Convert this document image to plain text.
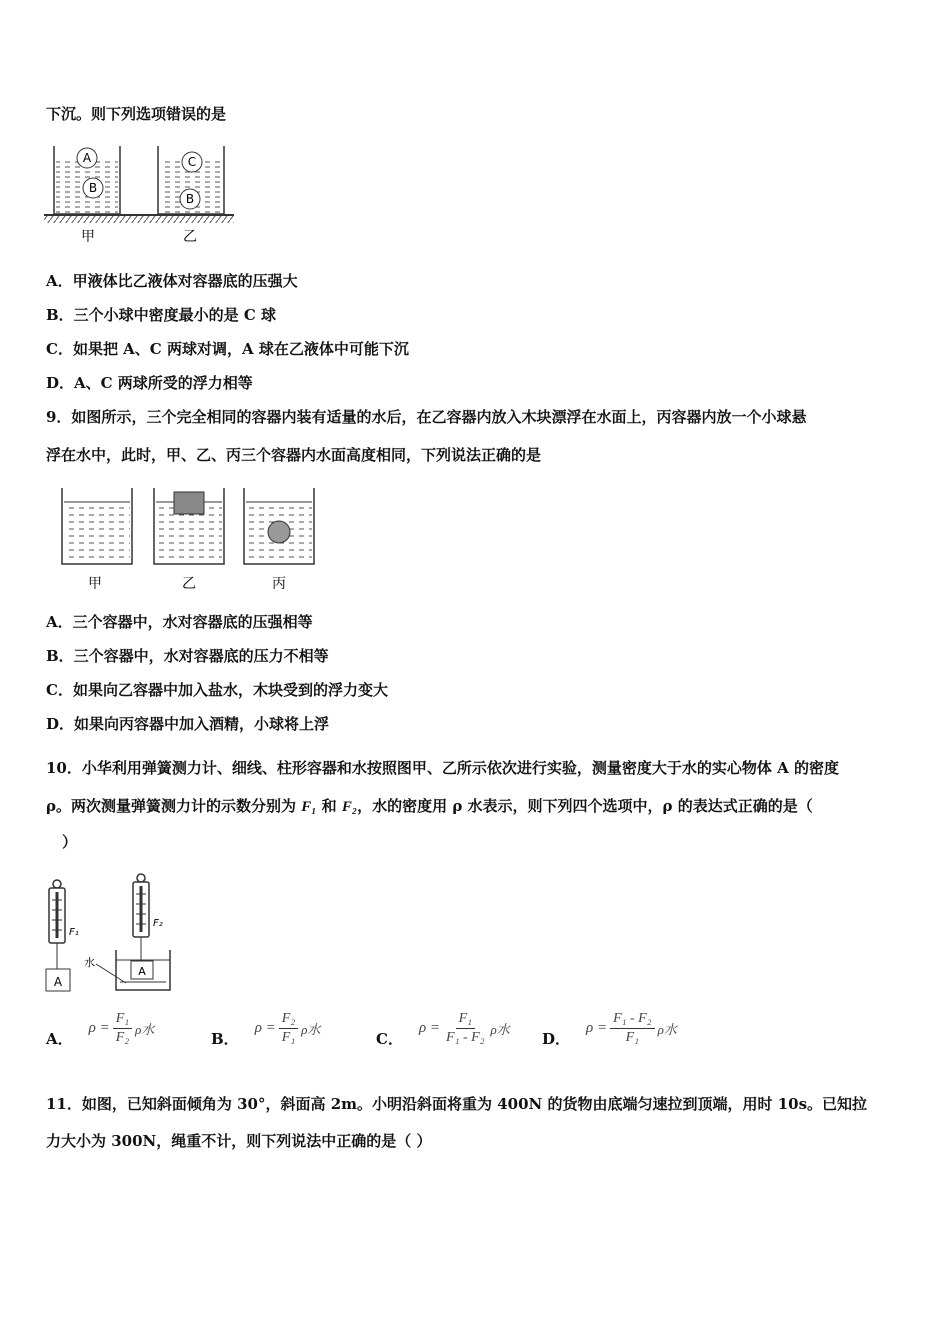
下沉。则下列选项错误的是
A
B
C
B
甲	乙
A．甲液体比乙液体对容器底的压强大
B．三个小球中密度最小的是 C 球
C．如果把 A、C 两球对调，A 球在乙液体中可能下沉
D．A、C 两球所受的浮力相等
9．如图所示，三个完全相同的容器内装有适量的水后，在乙容器内放入木块漂浮在水面上，丙容器内放一个小球悬
浮在水中，此时，甲、乙、丙三个容器内水面高度相同，下列说法正确的是
甲	乙	丙
A．三个容器中，水对容器底的压强相等
B．三个容器中，水对容器底的压力不相等
C．如果向乙容器中加入盐水，木块受到的浮力变大
D．如果向丙容器中加入酒精，小球将上浮
10．小华利用弹簧测力计、细线、柱形容器和水按照图甲、乙所示依次进行实验，测量密度大于水的实心物体 A 的密度
ρ。两次测量弹簧测力计的示数分别为 F₁ 和 F₂，水的密度用 ρ 水表示，则下列四个选项中，ρ 的表达式正确的是（
）
A
F₁
F₂
A
水
A．
$\rho = \frac{\text{F₁}}{\text{F₂}}$ ρ水
B．
$\rho = \frac{\text{F₂}}{\text{F₁}}$ ρ水
C．
$\rho = \frac{\text{F₁}}{\text{F₁ - F₂}}$ ρ水
D．
$\rho = \frac{\text{F₁ - F₂}}{\text{F₁}}$ ρ水
11．如图，已知斜面倾角为 30°，斜面高 2m。小明沿斜面将重为 400N 的货物由底端匀速拉到顶端，用时 10s。已知拉
力大小为 300N，绳重不计，则下列说法中正确的是（ ）
